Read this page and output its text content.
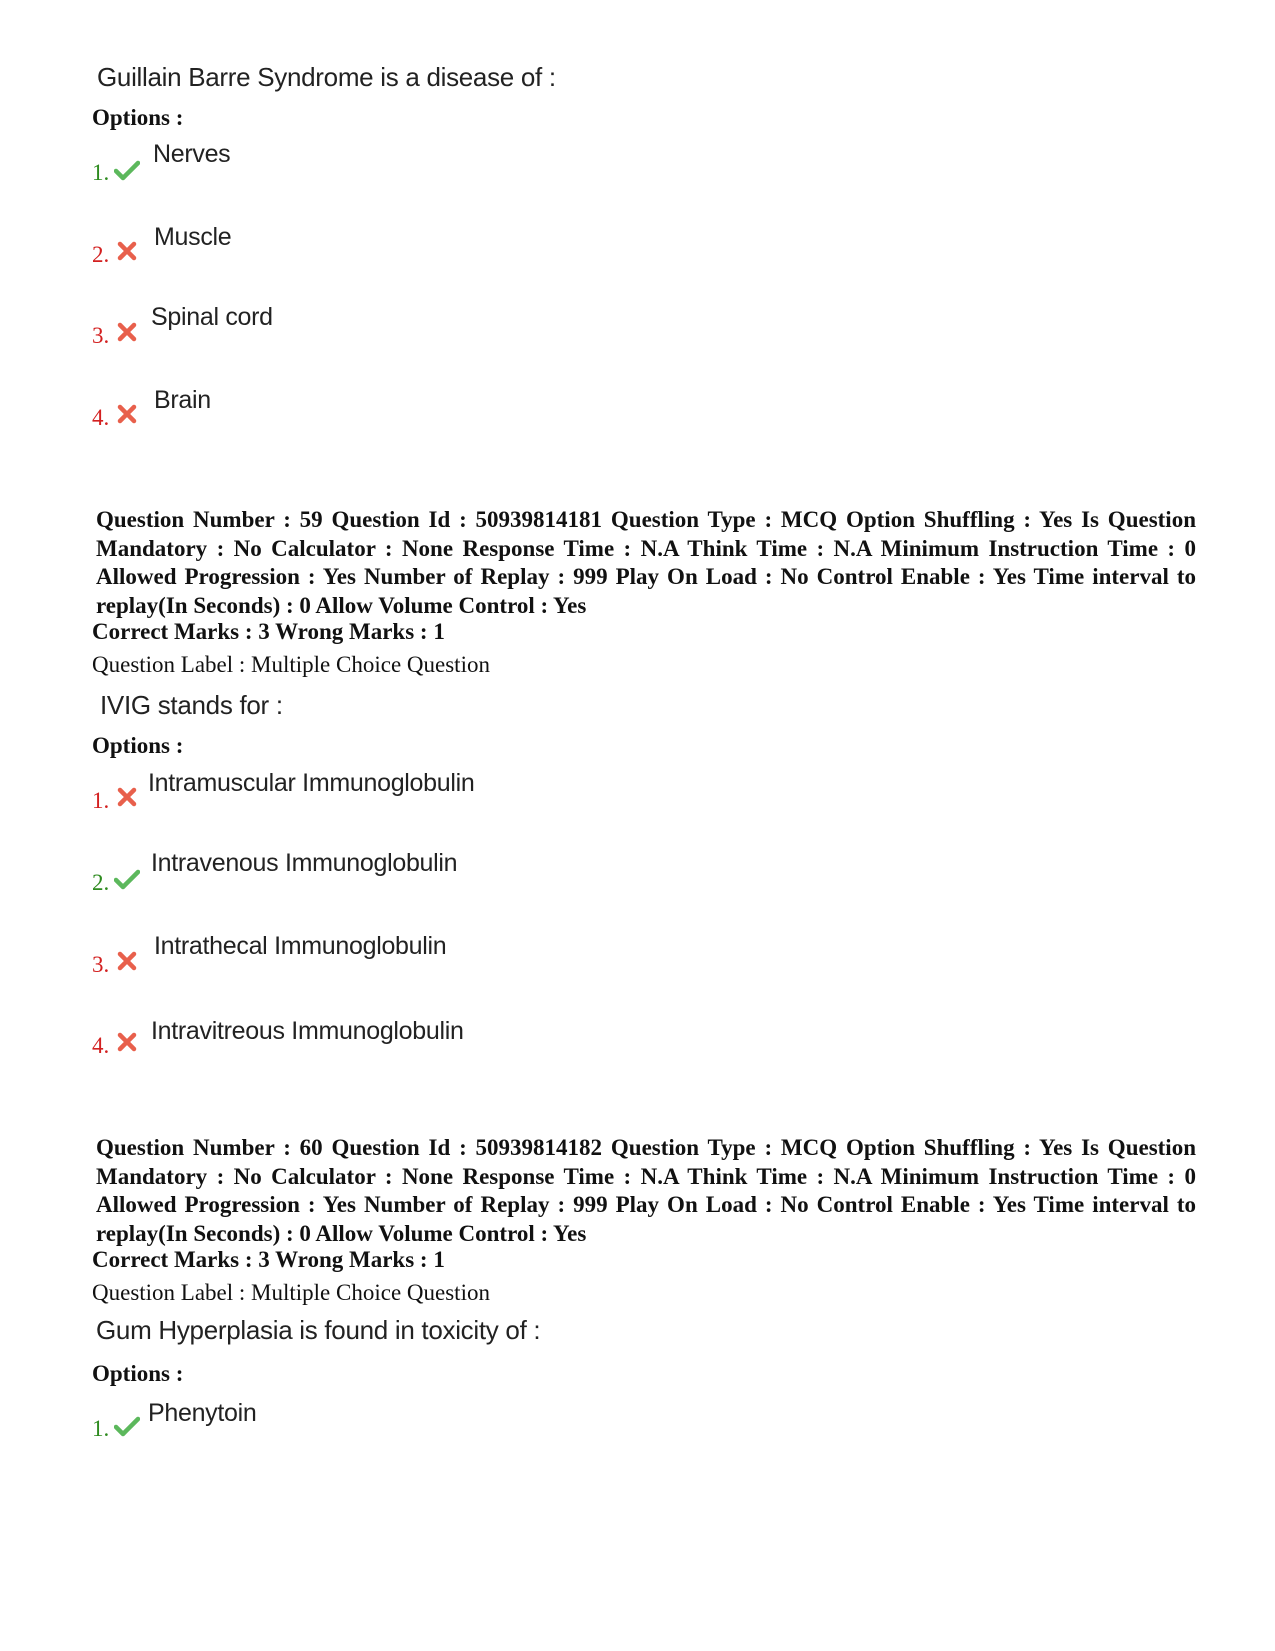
Guillain Barre Syndrome is a disease of :
Options :
1.
Nerves
2.
Muscle
3.
Spinal cord
4.
Brain
Question Number : 59 Question Id : 50939814181 Question Type : MCQ Option Shuffling : Yes Is Question Mandatory : No Calculator : None Response Time : N.A Think Time : N.A Minimum Instruction Time : 0 Allowed Progression : Yes Number of Replay : 999 Play On Load : No Control Enable : Yes Time interval to replay(In Seconds) : 0 Allow Volume Control : Yes
Correct Marks : 3 Wrong Marks : 1
Question Label : Multiple Choice Question
IVIG stands for :
Options :
1.
Intramuscular Immunoglobulin
2.
Intravenous Immunoglobulin
3.
Intrathecal Immunoglobulin
4.
Intravitreous Immunoglobulin
Question Number : 60 Question Id : 50939814182 Question Type : MCQ Option Shuffling : Yes Is Question Mandatory : No Calculator : None Response Time : N.A Think Time : N.A Minimum Instruction Time : 0 Allowed Progression : Yes Number of Replay : 999 Play On Load : No Control Enable : Yes Time interval to replay(In Seconds) : 0 Allow Volume Control : Yes
Correct Marks : 3 Wrong Marks : 1
Question Label : Multiple Choice Question
Gum Hyperplasia is found in toxicity of :
Options :
1.
Phenytoin
